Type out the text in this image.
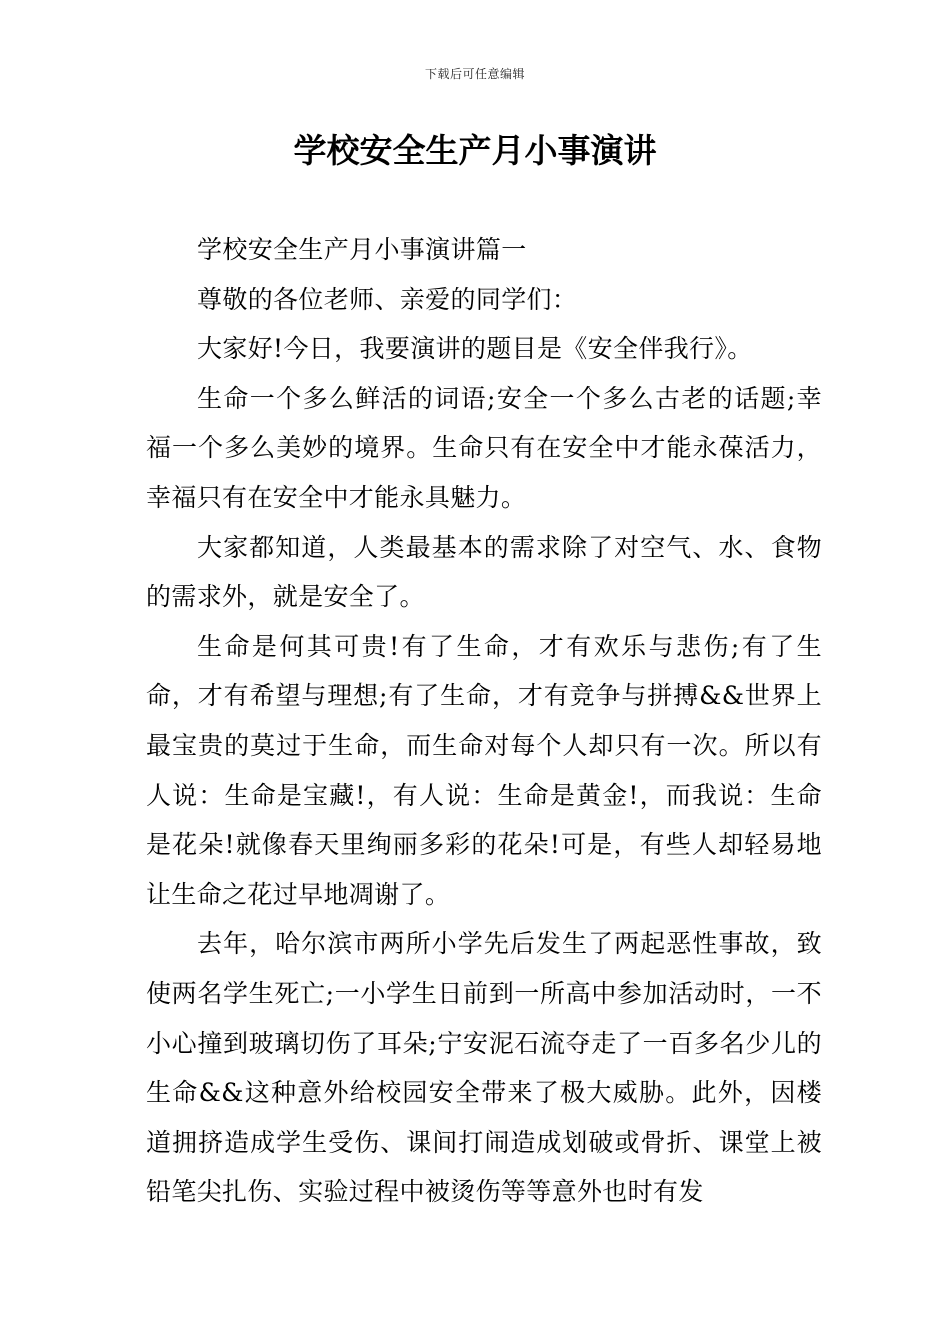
下载后可任意编辑
学校安全生产月小事演讲

学校安全生产月小事演讲篇一

尊敬的各位老师、亲爱的同学们：

大家好!今日，我要演讲的题目是《安全伴我行》。

生命一个多么鲜活的词语;安全一个多么古老的话题;幸福一个多么美妙的境界。生命只有在安全中才能永葆活力，幸福只有在安全中才能永具魅力。

大家都知道，人类最基本的需求除了对空气、水、食物的需求外，就是安全了。

生命是何其可贵!有了生命，才有欢乐与悲伤;有了生命，才有希望与理想;有了生命，才有竞争与拼搏&&世界上最宝贵的莫过于生命，而生命对每个人却只有一次。所以有人说：生命是宝藏!，有人说：生命是黄金!，而我说：生命是花朵!就像春天里绚丽多彩的花朵!可是，有些人却轻易地让生命之花过早地凋谢了。

去年，哈尔滨市两所小学先后发生了两起恶性事故，致使两名学生死亡;一小学生日前到一所高中参加活动时，一不小心撞到玻璃切伤了耳朵;宁安泥石流夺走了一百多名少儿的生命&&这种意外给校园安全带来了极大威胁。此外，因楼道拥挤造成学生受伤、课间打闹造成划破或骨折、课堂上被铅笔尖扎伤、实验过程中被烫伤等等意外也时有发
